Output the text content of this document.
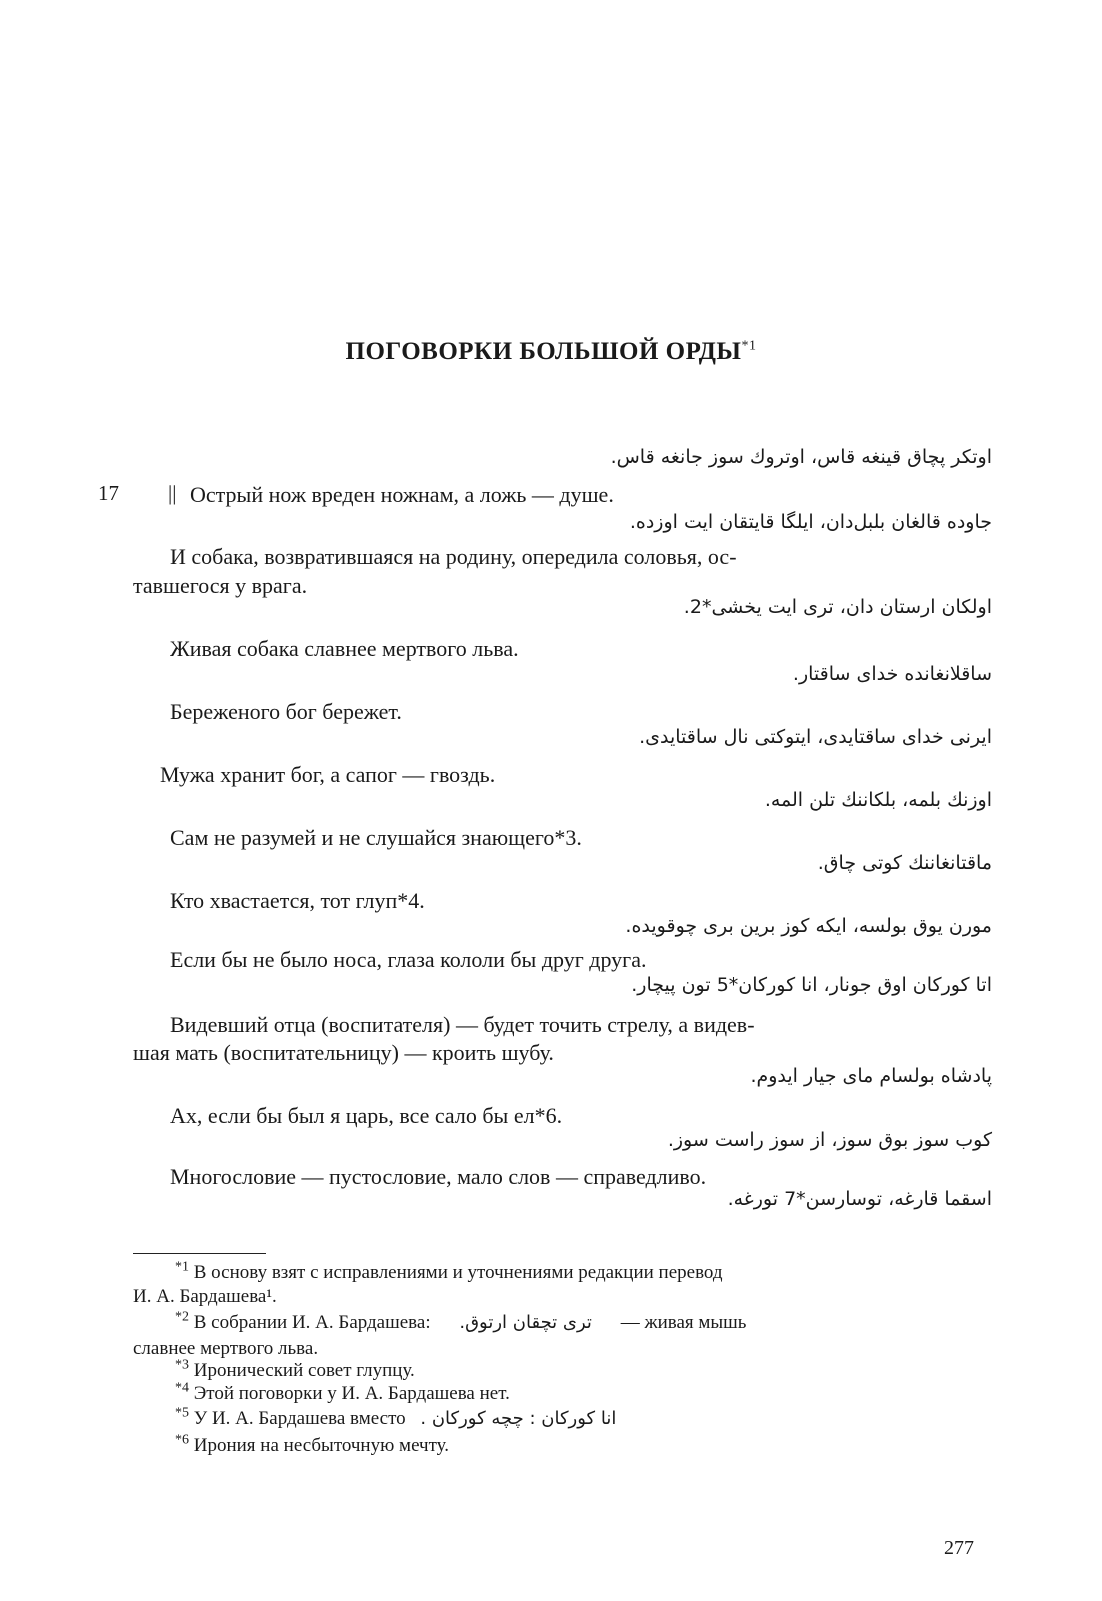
ПОГОВОРКИ БОЛЬШОЙ ОРДЫ$^{*1}$
اوتکر پچاق قینغه قاس، اوتروك سوز جانغه قاس.
17 || Острый нож вреден ножнам, а ложь — душе.
جاوده قالغان بلبل‌دان، ایلگا قایتقان ایت اوزده.
И собака, возвратившаяся на родину, опередила соловья, ос-
тавшегося у врага.
اولکان ارستان دان، تری ایت یخشی*2.
Живая собака славнее мертвого льва.
ساقلانغانده خدای ساقتار.
Береженого бог бережет.
ایرنی خدای ساقتایدی، ایتوکتی نال ساقتایدی.
Мужа хранит бог, а сапог — гвоздь.
اوزنك بلمه، بلکاننك تلن المه.
Сам не разумей и не слушайся знающего*3.
ماقتانغاننك کوتی چاق.
Кто хвастается, тот глуп*4.
مورن یوق بولسه، ایکه کوز برین بری چوقویده.
Если бы не было носа, глаза кололи бы друг друга.
اتا کورکان اوق جونار، انا کورکان*5 تون پیچار.
Видевший отца (воспитателя) — будет точить стрелу, а видев-
шая мать (воспитательницу) — кроить шубу.
پادشاه بولسام مای جیار ایدوم.
Ах, если бы был я царь, все сало бы ел*6.
کوب سوز بوق سوز، از سوز راست سوز.
Многословие — пустословие, мало слов — справедливо.
اسقما قارغه، توسارسن*7 تورغه.
$^{*1}$ В основу взят с исправлениями и уточнениями редакции перевод
И. А. Бардашева¹.
$^{*2}$ В собрании И. А. Бардашева: تری تچقان ارتوق. — живая мышь
славнее мертвого льва.
$^{*3}$ Иронический совет глупцу.
$^{*4}$ Этой поговорки у И. А. Бардашева нет.
$^{*5}$ У И. А. Бардашева вместо انا کورکان : چچه کورکان .
$^{*6}$ Ирония на несбыточную мечту.
277
